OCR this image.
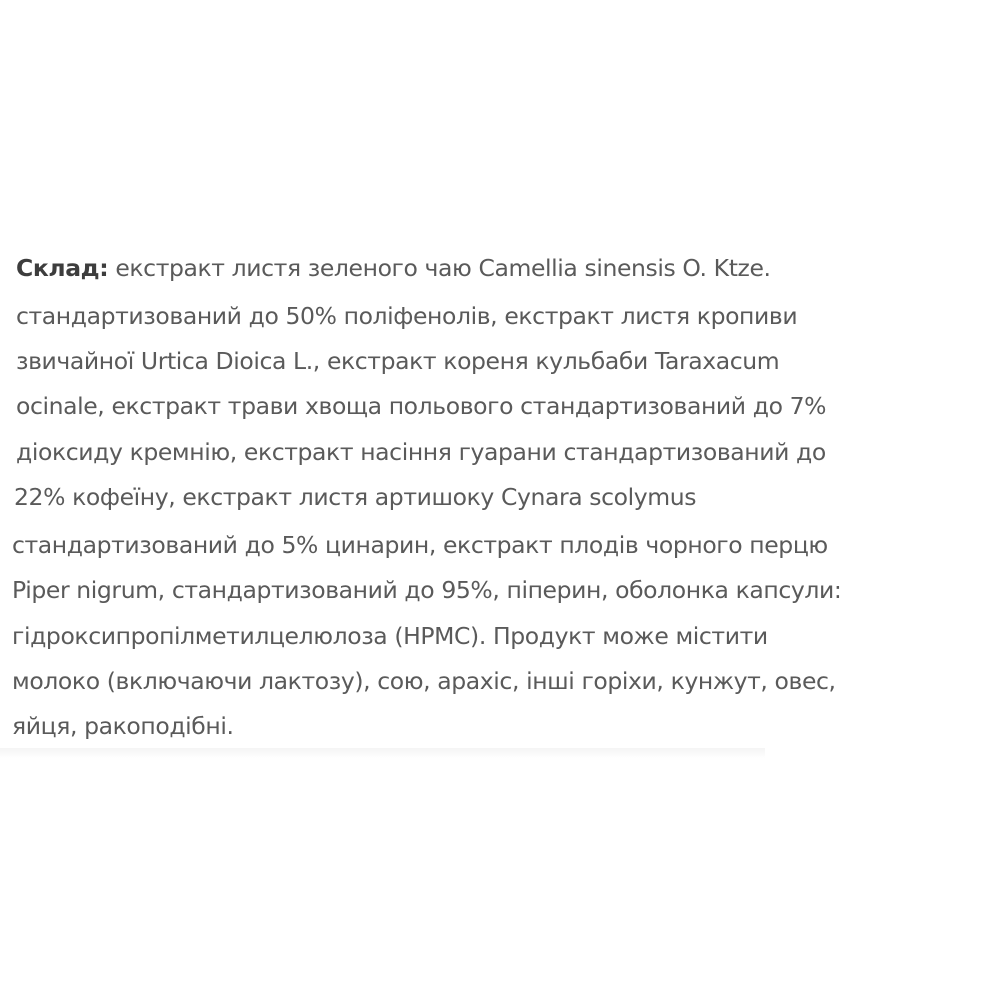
Склад: екстракт листя зеленого чаю Camellia sinensis O. Ktze.
стандартизований до 50% поліфенолів, екстракт листя кропиви
звичайної Urtica Dioica L., екстракт кореня кульбаби Taraxacum
ocinale, екстракт трави хвоща польового стандартизований до 7%
діоксиду кремнію, екстракт насіння гуарани стандартизований до
22% кофеїну, екстракт листя артишоку Cynara scolymus
стандартизований до 5% цинарин, екстракт плодів чорного перцю
Piper nigrum, стандартизований до 95%, піперин, оболонка капсули:
гідроксипропілметилцелюлоза (HPMC). Продукт може містити
молоко (включаючи лактозу), сою, арахіс, інші горіхи, кунжут, овес,
яйця, ракоподібні.
